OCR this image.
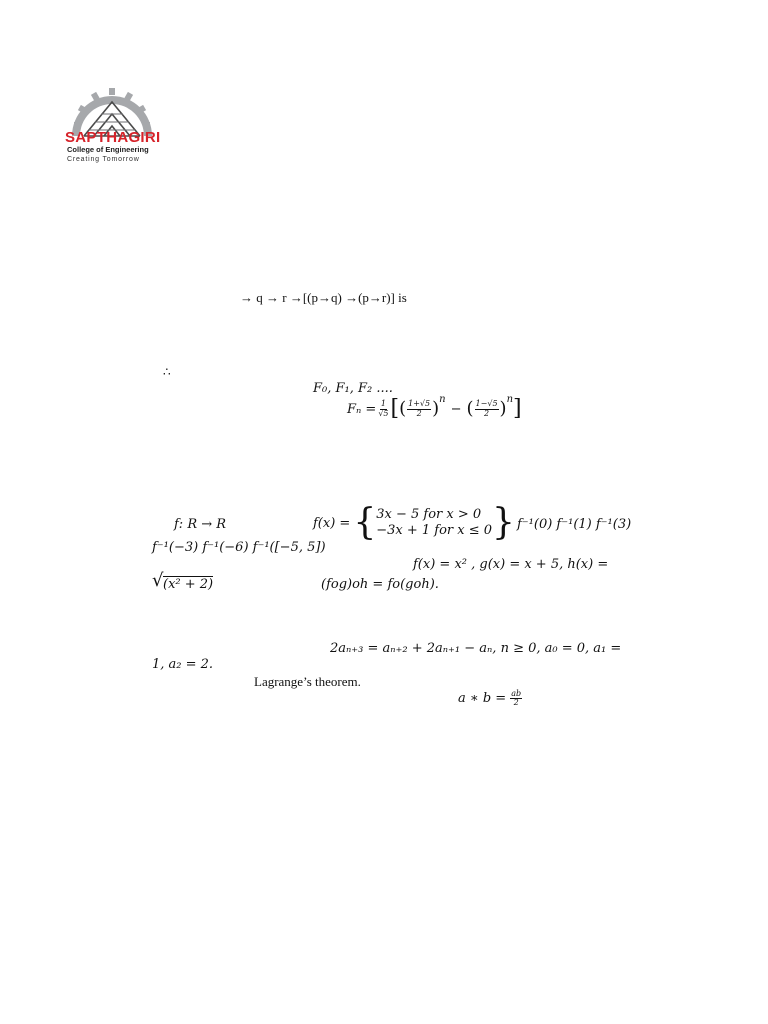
SAPTHAGIRI
College of Engineering
Creating Tomorrow
→ q → r →[(p→q) →(p→r)] is
∴
F₀, F₁, F₂ ....
$F_n = \frac{1}{√5}$ [ ( $\frac{1+√5}{2} )^n$
− ( $\frac{1-√5}{2} )^n$ ]
f: R → R	f(x) = { 3x − 5 for x > 0
−3x + 1 for x ≤ 0 } f⁻¹(0) f⁻¹(1) f⁻¹(3)
f⁻¹(−3) f⁻¹(−6) f⁻¹([−5, 5])
f(x) = x² , g(x) = x + 5, h(x) =
√ (x² + 2)	(fog)oh = fo(goh).
2aₙ₊₃ = aₙ₊₂ + 2aₙ₊₁ − aₙ, n ≥ 0, a₀ = 0, a₁ =
1, a₂ = 2.
Lagrange’s theorem.
a ∗ $b = \frac{ab}{2}$
